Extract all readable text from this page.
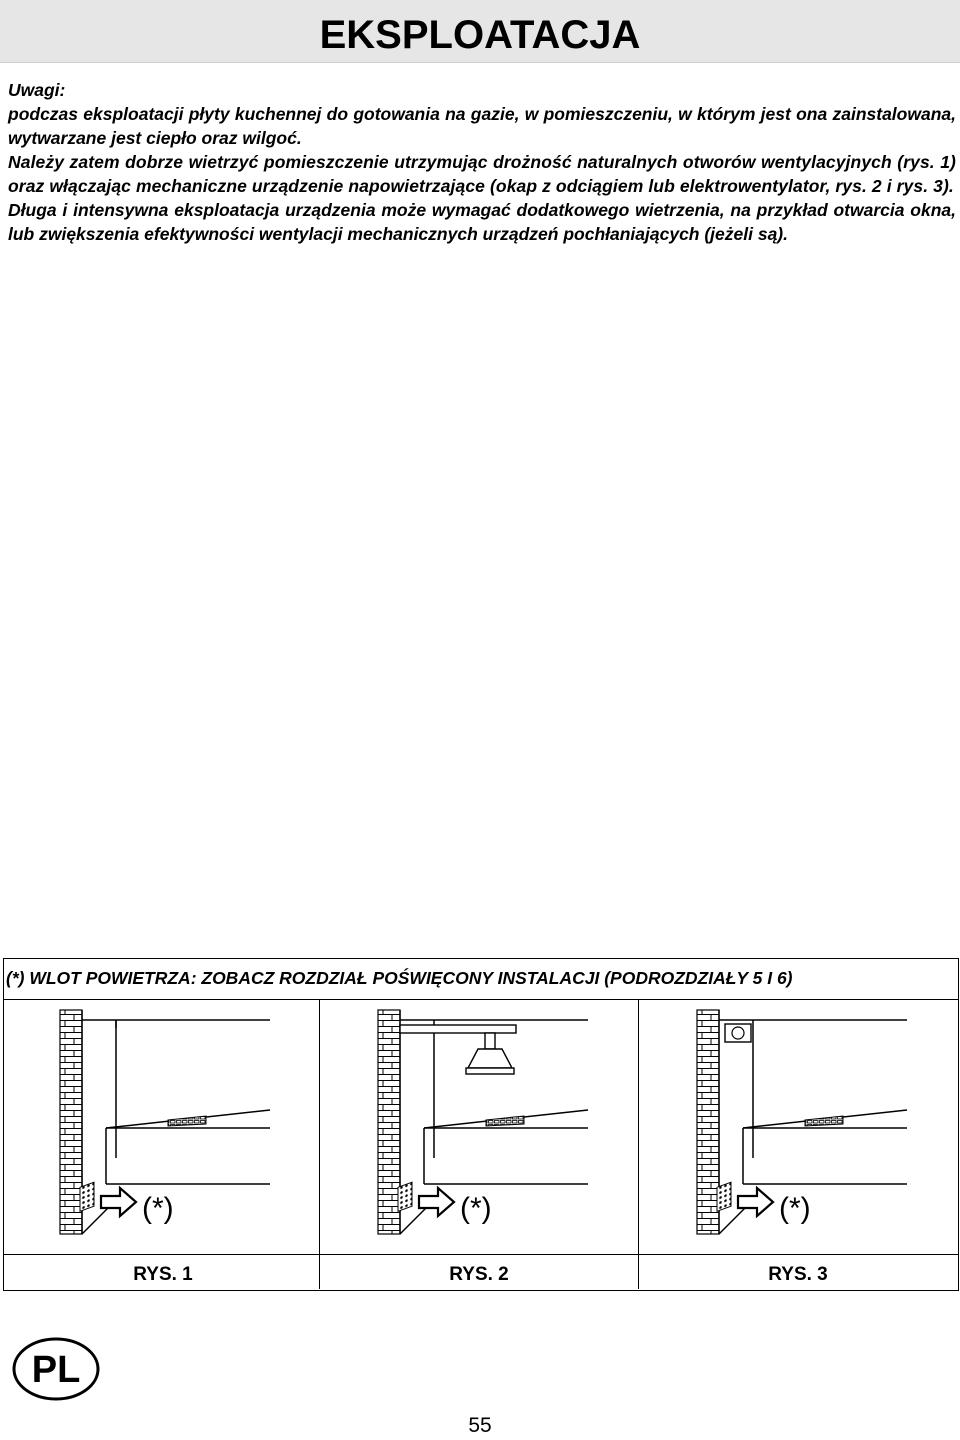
EKSPLOATACJA

Uwagi:

podczas eksploatacji płyty kuchennej do gotowania na gazie, w pomieszczeniu, w którym jest ona zainstalowana, wytwarzane jest ciepło oraz wilgoć.

Należy zatem dobrze wietrzyć pomieszczenie utrzymując drożność naturalnych otworów wentylacyjnych (rys. 1) oraz włączając mechaniczne urządzenie napowietrzające (okap z odciągiem lub elektrowentylator, rys. 2 i rys. 3).

Długa i intensywna eksploatacja urządzenia może wymagać dodatkowego wietrzenia, na przykład otwarcia okna, lub zwiększenia efektywności wentylacji mechanicznych urządzeń pochłaniających (jeżeli są).

(*) WLOT POWIETRZA: ZOBACZ ROZDZIAŁ POŚWIĘCONY INSTALACJI (PODROZDZIAŁY 5 I 6)
(*)	(*)	(*)
RYS. 1	RYS. 2	RYS. 3
PL
55
